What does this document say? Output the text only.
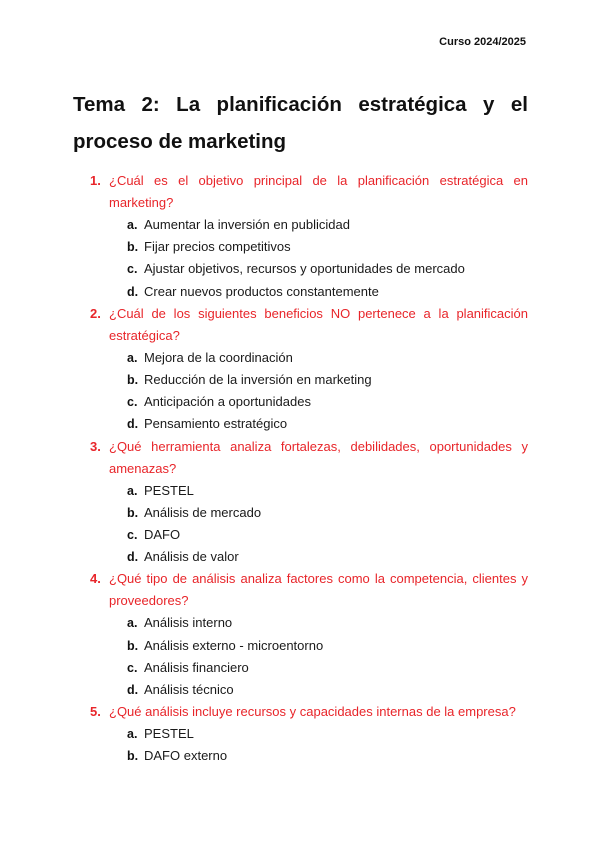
Curso 2024/2025
Tema 2: La planificación estratégica y el proceso de marketing
1. ¿Cuál es el objetivo principal de la planificación estratégica en marketing?
a. Aumentar la inversión en publicidad
b. Fijar precios competitivos
c. Ajustar objetivos, recursos y oportunidades de mercado
d. Crear nuevos productos constantemente
2. ¿Cuál de los siguientes beneficios NO pertenece a la planificación estratégica?
a. Mejora de la coordinación
b. Reducción de la inversión en marketing
c. Anticipación a oportunidades
d. Pensamiento estratégico
3. ¿Qué herramienta analiza fortalezas, debilidades, oportunidades y amenazas?
a. PESTEL
b. Análisis de mercado
c. DAFO
d. Análisis de valor
4. ¿Qué tipo de análisis analiza factores como la competencia, clientes y proveedores?
a. Análisis interno
b. Análisis externo - microentorno
c. Análisis financiero
d. Análisis técnico
5. ¿Qué análisis incluye recursos y capacidades internas de la empresa?
a. PESTEL
b. DAFO externo
